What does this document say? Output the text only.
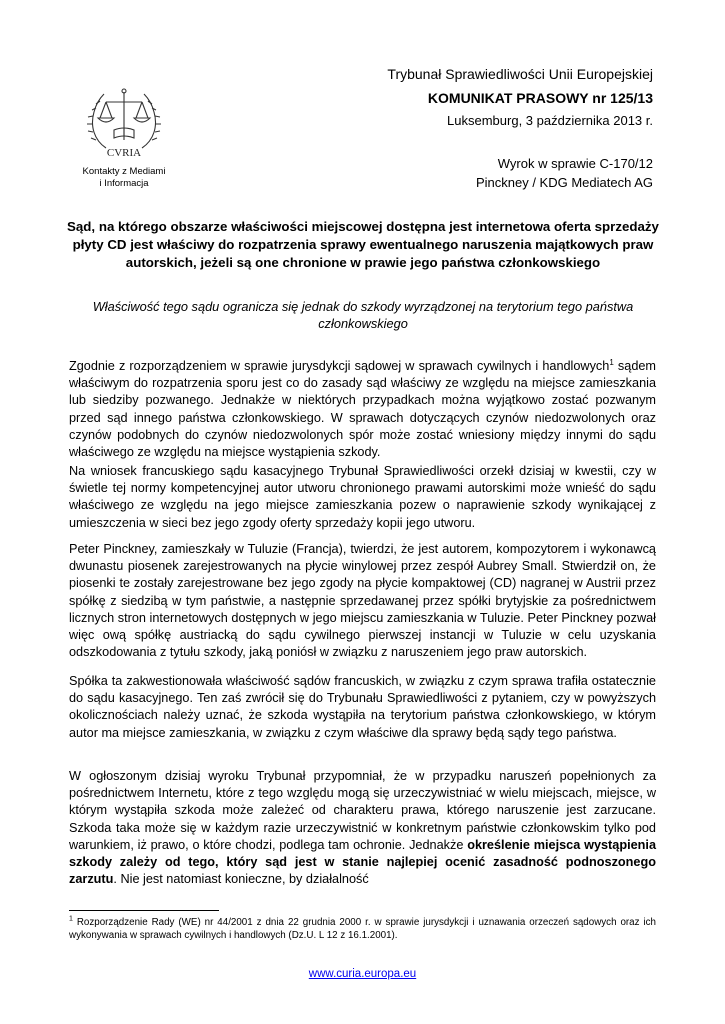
CVRIA
Kontakty z Mediami
i Informacja
Trybunał Sprawiedliwości Unii Europejskiej
KOMUNIKAT PRASOWY nr 125/13
Luksemburg, 3 października 2013 r.
Wyrok w sprawie C-170/12
Pinckney / KDG Mediatech AG
Sąd, na którego obszarze właściwości miejscowej dostępna jest internetowa oferta sprzedaży płyty CD jest właściwy do rozpatrzenia sprawy ewentualnego naruszenia majątkowych praw autorskich, jeżeli są one chronione w prawie jego państwa członkowskiego
Właściwość tego sądu ogranicza się jednak do szkody wyrządzonej na terytorium tego państwa członkowskiego
Zgodnie z rozporządzeniem w sprawie jurysdykcji sądowej w sprawach cywilnych i handlowych$^1$ sądem właściwym do rozpatrzenia sporu jest co do zasady sąd właściwy ze względu na miejsce zamieszkania lub siedziby pozwanego. Jednakże w niektórych przypadkach można wyjątkowo zostać pozwanym przed sąd innego państwa członkowskiego. W sprawach dotyczących czynów niedozwolonych oraz czynów podobnych do czynów niedozwolonych spór może zostać wniesiony między innymi do sądu właściwego ze względu na miejsce wystąpienia szkody.
Na wniosek francuskiego sądu kasacyjnego Trybunał Sprawiedliwości orzekł dzisiaj w kwestii, czy w świetle tej normy kompetencyjnej autor utworu chronionego prawami autorskimi może wnieść do sądu właściwego ze względu na jego miejsce zamieszkania pozew o naprawienie szkody wynikającej z umieszczenia w sieci bez jego zgody oferty sprzedaży kopii jego utworu.
Peter Pinckney, zamieszkały w Tuluzie (Francja), twierdzi, że jest autorem, kompozytorem i wykonawcą dwunastu piosenek zarejestrowanych na płycie winylowej przez zespół Aubrey Small. Stwierdził on, że piosenki te zostały zarejestrowane bez jego zgody na płycie kompaktowej (CD) nagranej w Austrii przez spółkę z siedzibą w tym państwie, a następnie sprzedawanej przez spółki brytyjskie za pośrednictwem licznych stron internetowych dostępnych w jego miejscu zamieszkania w Tuluzie. Peter Pinckney pozwał więc ową spółkę austriacką do sądu cywilnego pierwszej instancji w Tuluzie w celu uzyskania odszkodowania z tytułu szkody, jaką poniósł w związku z naruszeniem jego praw autorskich.
Spółka ta zakwestionowała właściwość sądów francuskich, w związku z czym sprawa trafiła ostatecznie do sądu kasacyjnego. Ten zaś zwrócił się do Trybunału Sprawiedliwości z pytaniem, czy w powyższych okolicznościach należy uznać, że szkoda wystąpiła na terytorium państwa członkowskiego, w którym autor ma miejsce zamieszkania, w związku z czym właściwe dla sprawy będą sądy tego państwa.
W ogłoszonym dzisiaj wyroku Trybunał przypomniał, że w przypadku naruszeń popełnionych za pośrednictwem Internetu, które z tego względu mogą się urzeczywistniać w wielu miejscach, miejsce, w którym wystąpiła szkoda może zależeć od charakteru prawa, którego naruszenie jest zarzucane. Szkoda taka może się w każdym razie urzeczywistnić w konkretnym państwie członkowskim tylko pod warunkiem, iż prawo, o które chodzi, podlega tam ochronie. Jednakże określenie miejsca wystąpienia szkody zależy od tego, który sąd jest w stanie najlepiej ocenić zasadność podnoszonego zarzutu. Nie jest natomiast konieczne, by działalność
$^1$ Rozporządzenie Rady (WE) nr 44/2001 z dnia 22 grudnia 2000 r. w sprawie jurysdykcji i uznawania orzeczeń sądowych oraz ich wykonywania w sprawach cywilnych i handlowych (Dz.U. L 12 z 16.1.2001).
www.curia.europa.eu
